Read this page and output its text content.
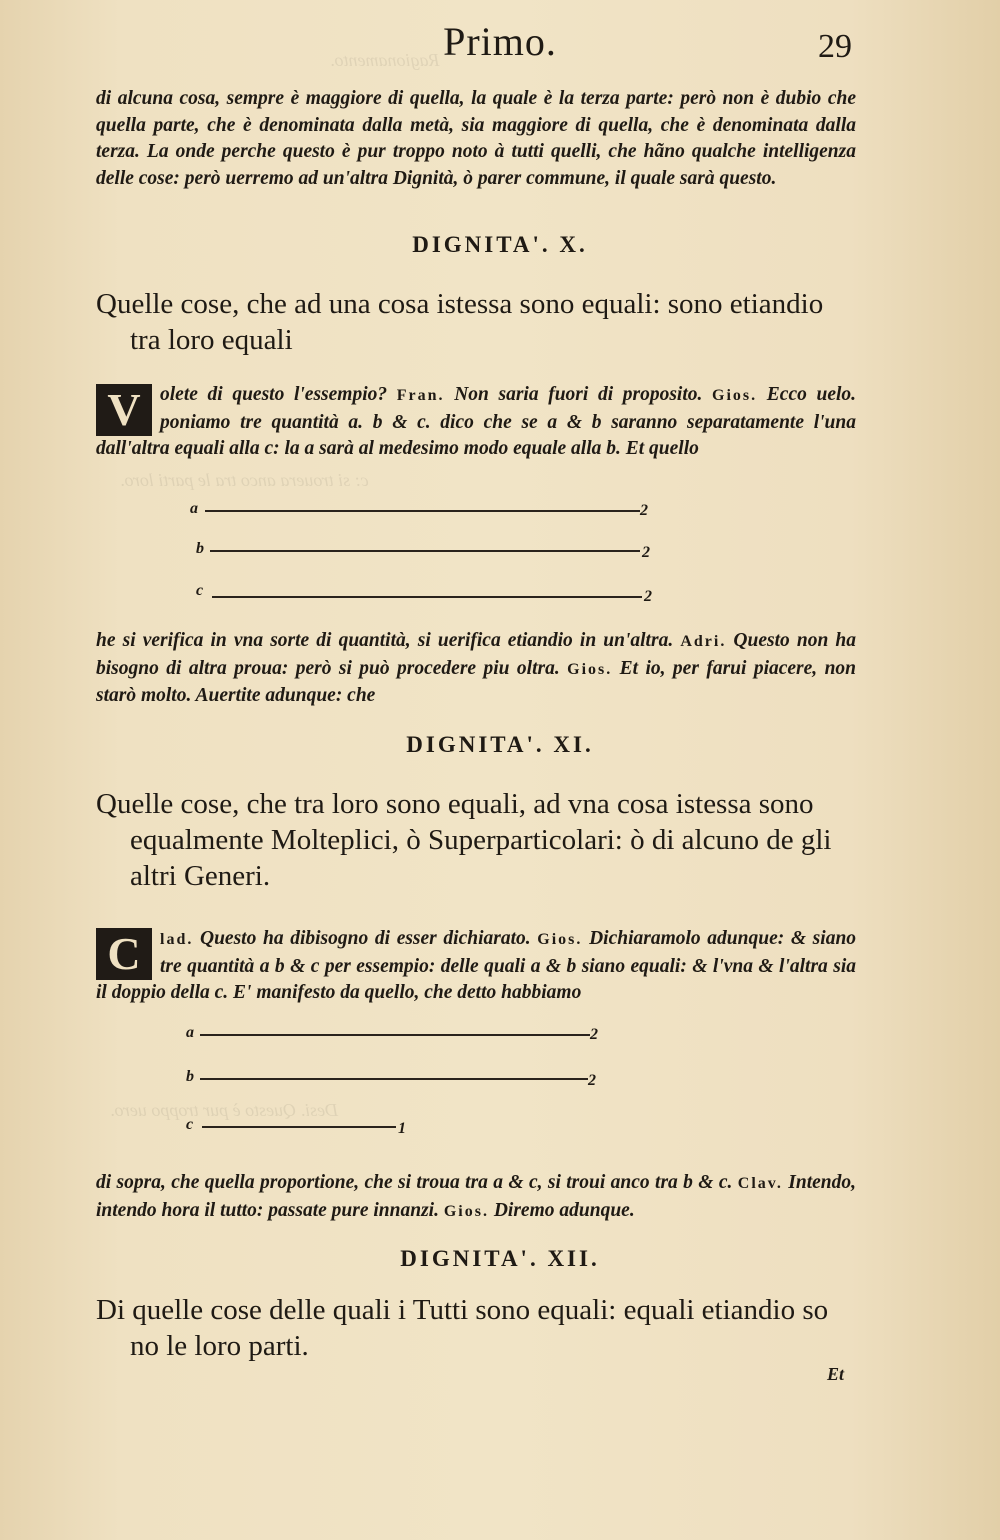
Ragionamento.
c: si trouera anco tra le parti loro.
Desi. Questo è pur troppo uero.
Primo.	29

di alcuna cosa, sempre è maggiore di quella, la quale è la terza parte: però non è dubio che quella parte, che è denominata dalla metà, sia maggiore di quella, che è denominata dalla terza. La onde perche questo è pur troppo noto à tutti quelli, che hãno qualche intelligenza delle cose: però uerremo ad un'altra Dignità, ò parer commune, il quale sarà questo.

DIGNITA'. X.
Quelle cose, che ad una cosa istessa sono equali: sono etiandio
tra loro equali
V olete di questo l'essempio? Fran. Non saria fuori di proposito. Gios. Ecco uelo. poniamo tre quantità a. b & c. dico che se a & b saranno separatamente l'una dall'altra equali alla c: la a sarà al medesimo modo equale alla b. Et quello
a	2
b	2
c	2
he si verifica in vna sorte di quantità, si uerifica etiandio in un'altra. Adri. Questo non ha bisogno di altra proua: però si può procedere piu oltra. Gios. Et io, per farui piacere, non starò molto. Auertite adunque: che
DIGNITA'. XI.
Quelle cose, che tra loro sono equali, ad vna cosa istessa sono
equalmente Molteplici, ò Superparticolari: ò di alcuno de gli
altri Generi.
C	lad. Questo ha dibisogno di esser dichiarato. Gios. Dichiaramolo adunque: & siano tre quantità a b & c per essempio: delle quali a & b siano equali: & l'vna & l'altra sia il doppio della c. E' manifesto da quello, che detto habbiamo
a	2
b	2
c	1
di sopra, che quella proportione, che si troua tra a & c, si troui anco tra b & c. Clav. Intendo, intendo hora il tutto: passate pure innanzi. Gios. Diremo adunque.
DIGNITA'. XII.
Di quelle cose delle quali i Tutti sono equali: equali etiandio so
no le loro parti.
Et
